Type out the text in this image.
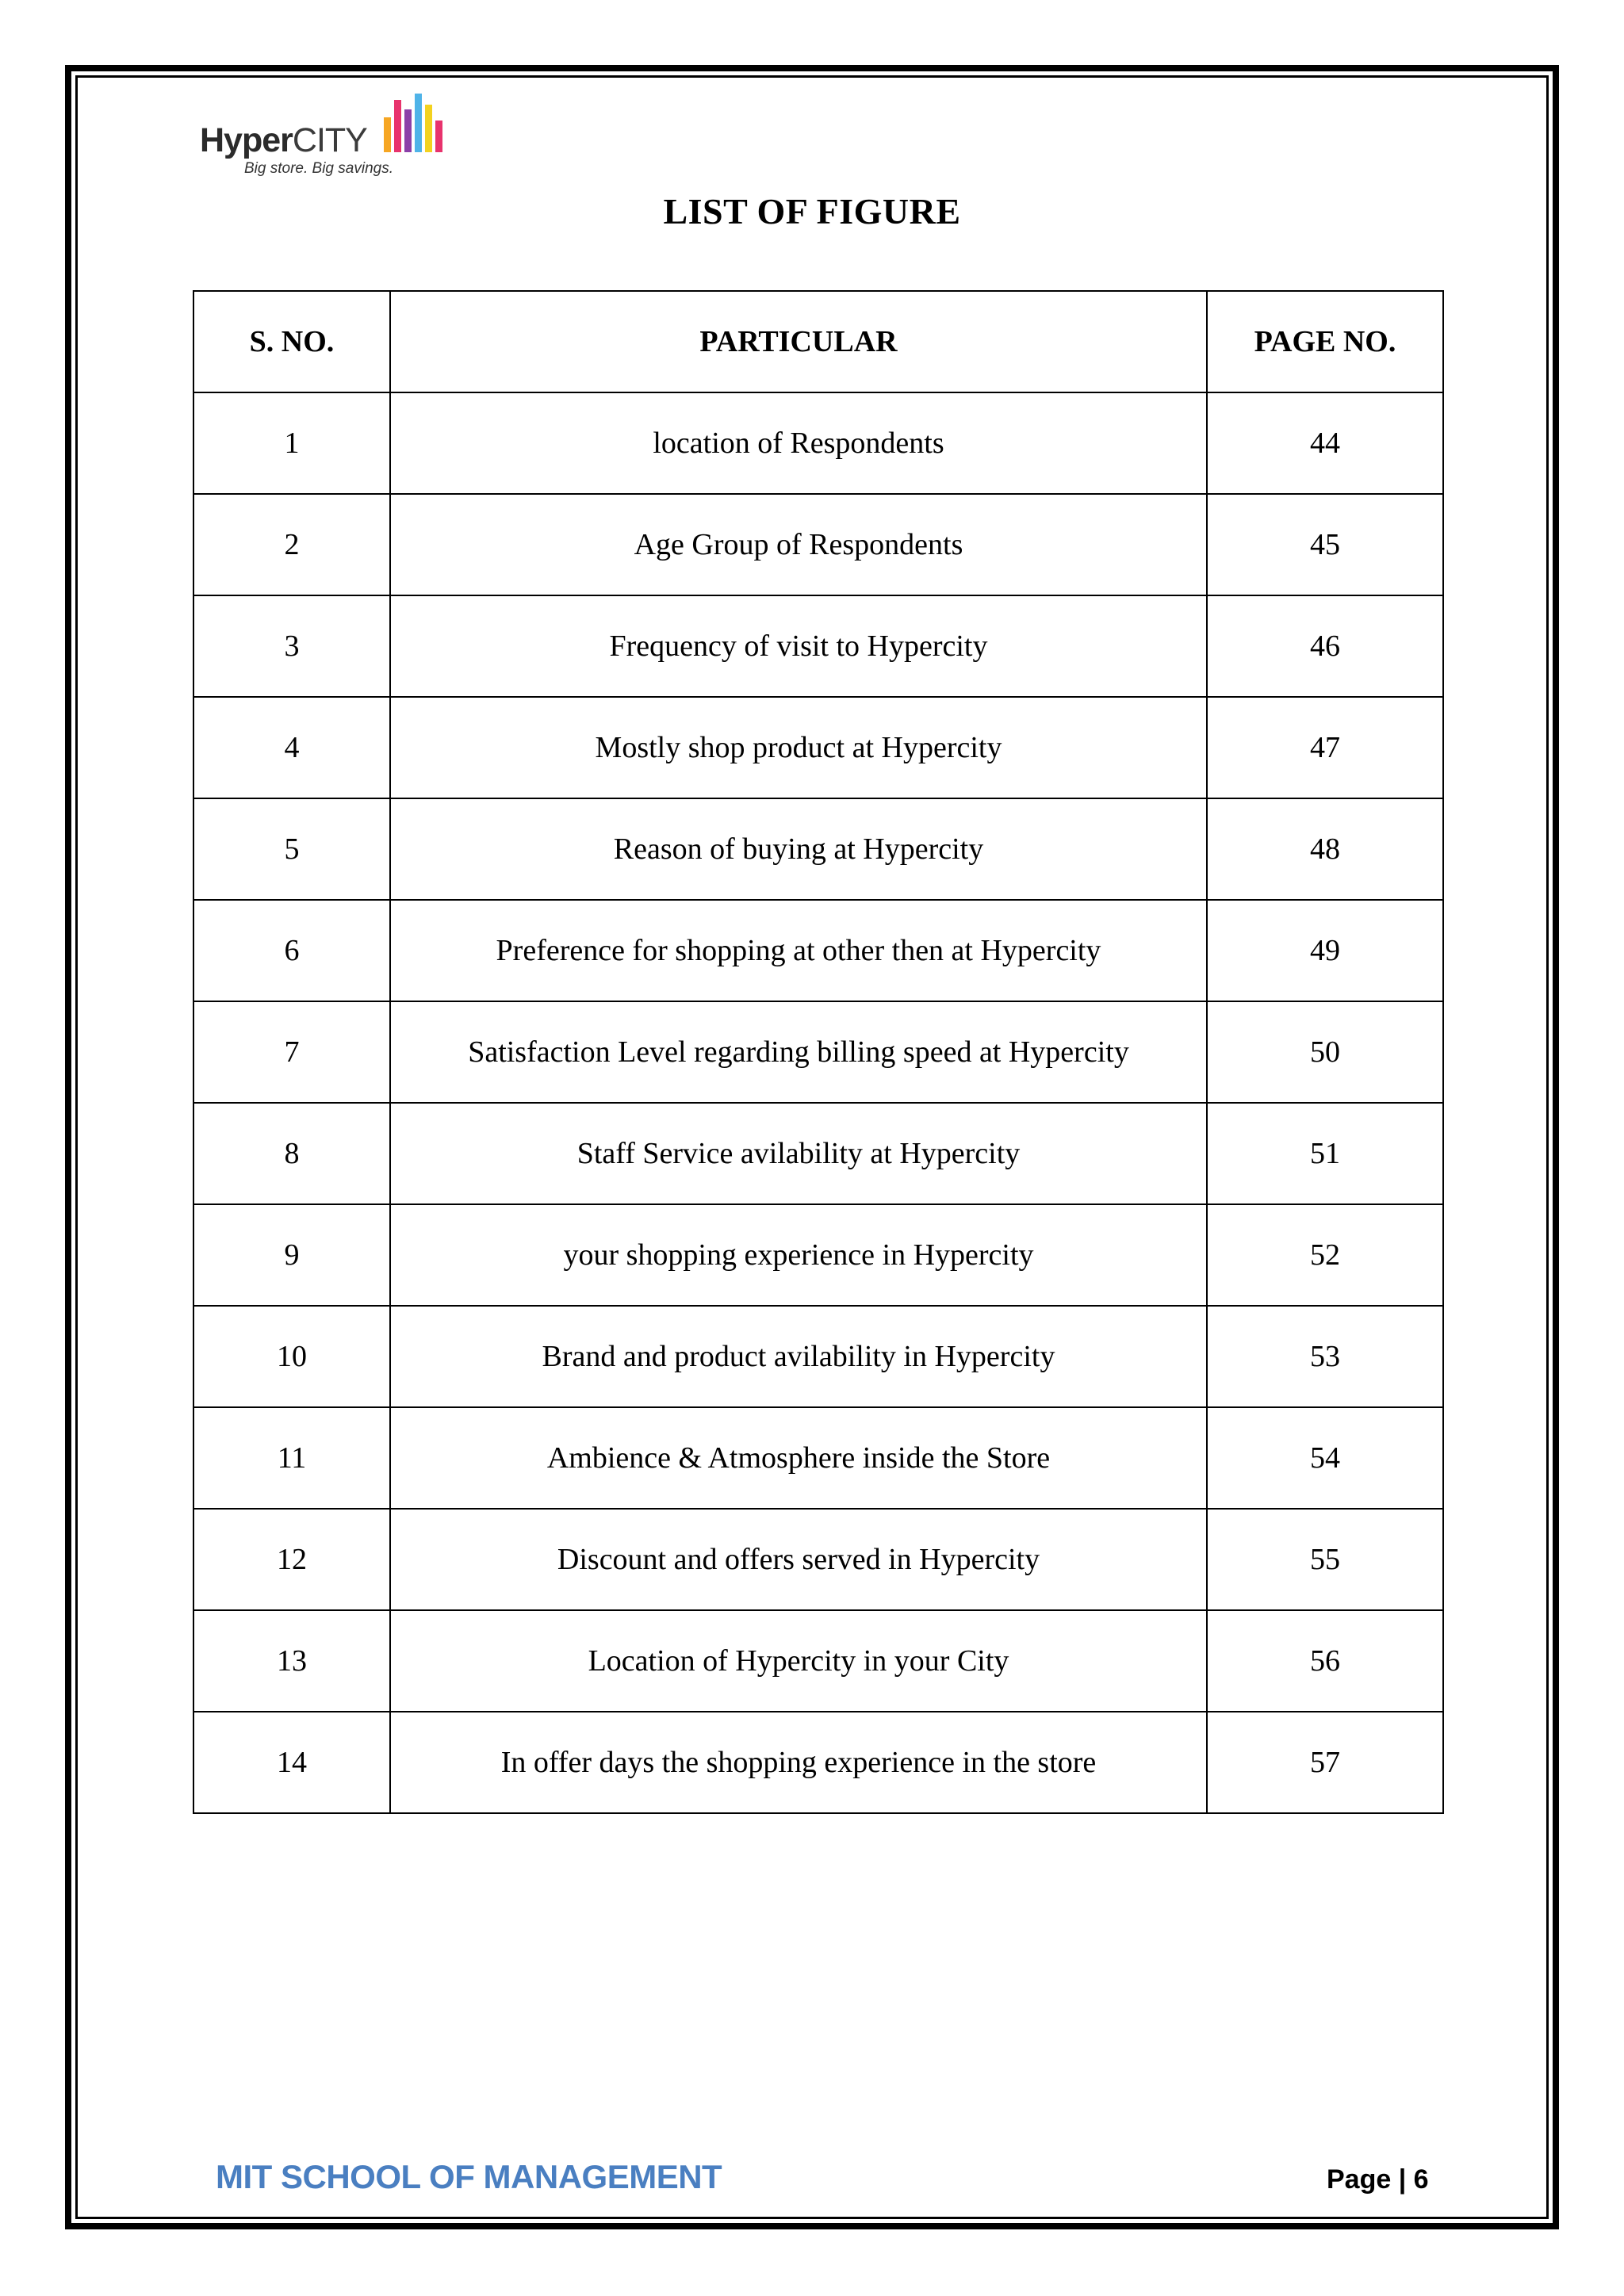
HyperCITY
Big store. Big savings.
LIST OF FIGURE
S. NO.	PARTICULAR	PAGE NO.
1	location of Respondents	44
2	Age Group of Respondents	45
3	Frequency of visit to Hypercity	46
4	Mostly shop product at Hypercity	47
5	Reason of buying at Hypercity	48
6	Preference for shopping at other then at Hypercity	49
7	Satisfaction Level regarding billing speed at Hypercity	50
8	Staff Service avilability at Hypercity	51
9	your shopping experience in Hypercity	52
10	Brand and product avilability in Hypercity	53
11	Ambience & Atmosphere inside the Store	54
12	Discount and offers served in Hypercity	55
13	Location of Hypercity in your City	56
14	In offer days the shopping experience in the store	57
MIT SCHOOL OF MANAGEMENT	Page | 6
